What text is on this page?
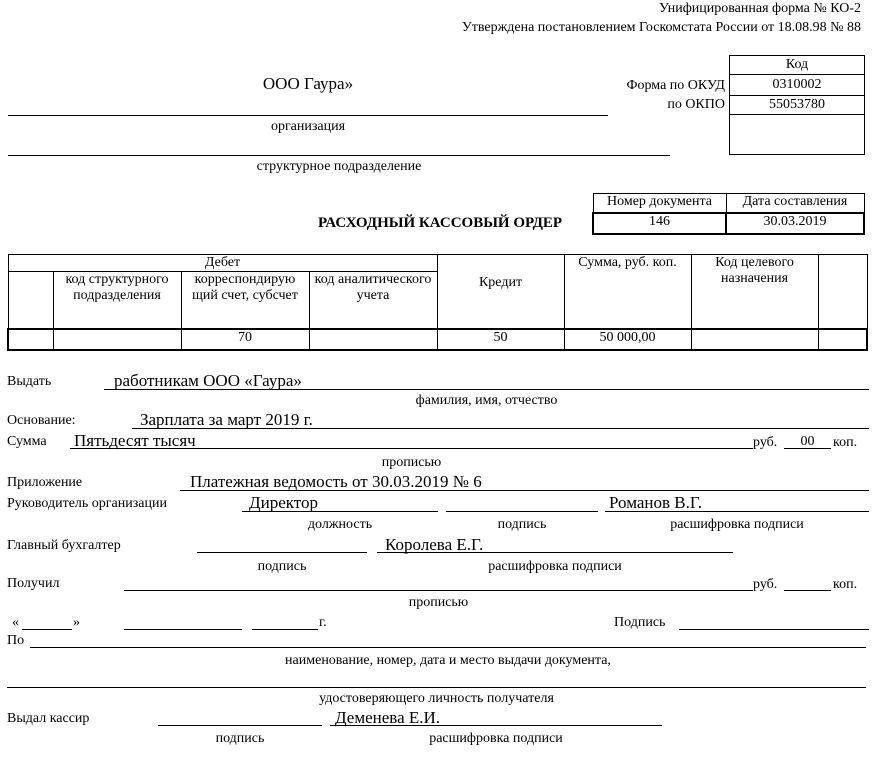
Унифицированная форма № КО-2
Утверждена постановлением Госкомстата России от 18.08.98 № 88
Код
0310002
55053780
Форма по ОКУД
по ОКПО
ООО Гаура»
организация
структурное подразделение
Номер документа	Дата составления
146	30.03.2019
РАСХОДНЫЙ КАССОВЫЙ ОРДЕР
Дебет				Кредит	Сумма, руб. коп.	Код целевого назначения	
	код структурного подразделения	корреспондирую щий счет, субсчет	код аналитического учета				
		70		50	50 000,00		
Выдать	работникам ООО «Гаура»
фамилия, имя, отчество
Основание:	Зарплата за март 2019 г.
Сумма Пятьдесят тысяч	руб.	00	коп.
прописью
Приложение	Платежная ведомость от 30.03.2019 № 6
Руководитель организации	Директор	Романов В.Г.
должность	подпись	расшифровка подписи
Главный бухгалтер	Королева Е.Г.
подпись	расшифровка подписи
Получил	руб.	коп.
прописью
«	»	г.	Подпись
По
наименование, номер, дата и место выдачи документа,
удостоверяющего личность получателя
Выдал кассир	Деменева Е.И.
подпись	расшифровка подписи
